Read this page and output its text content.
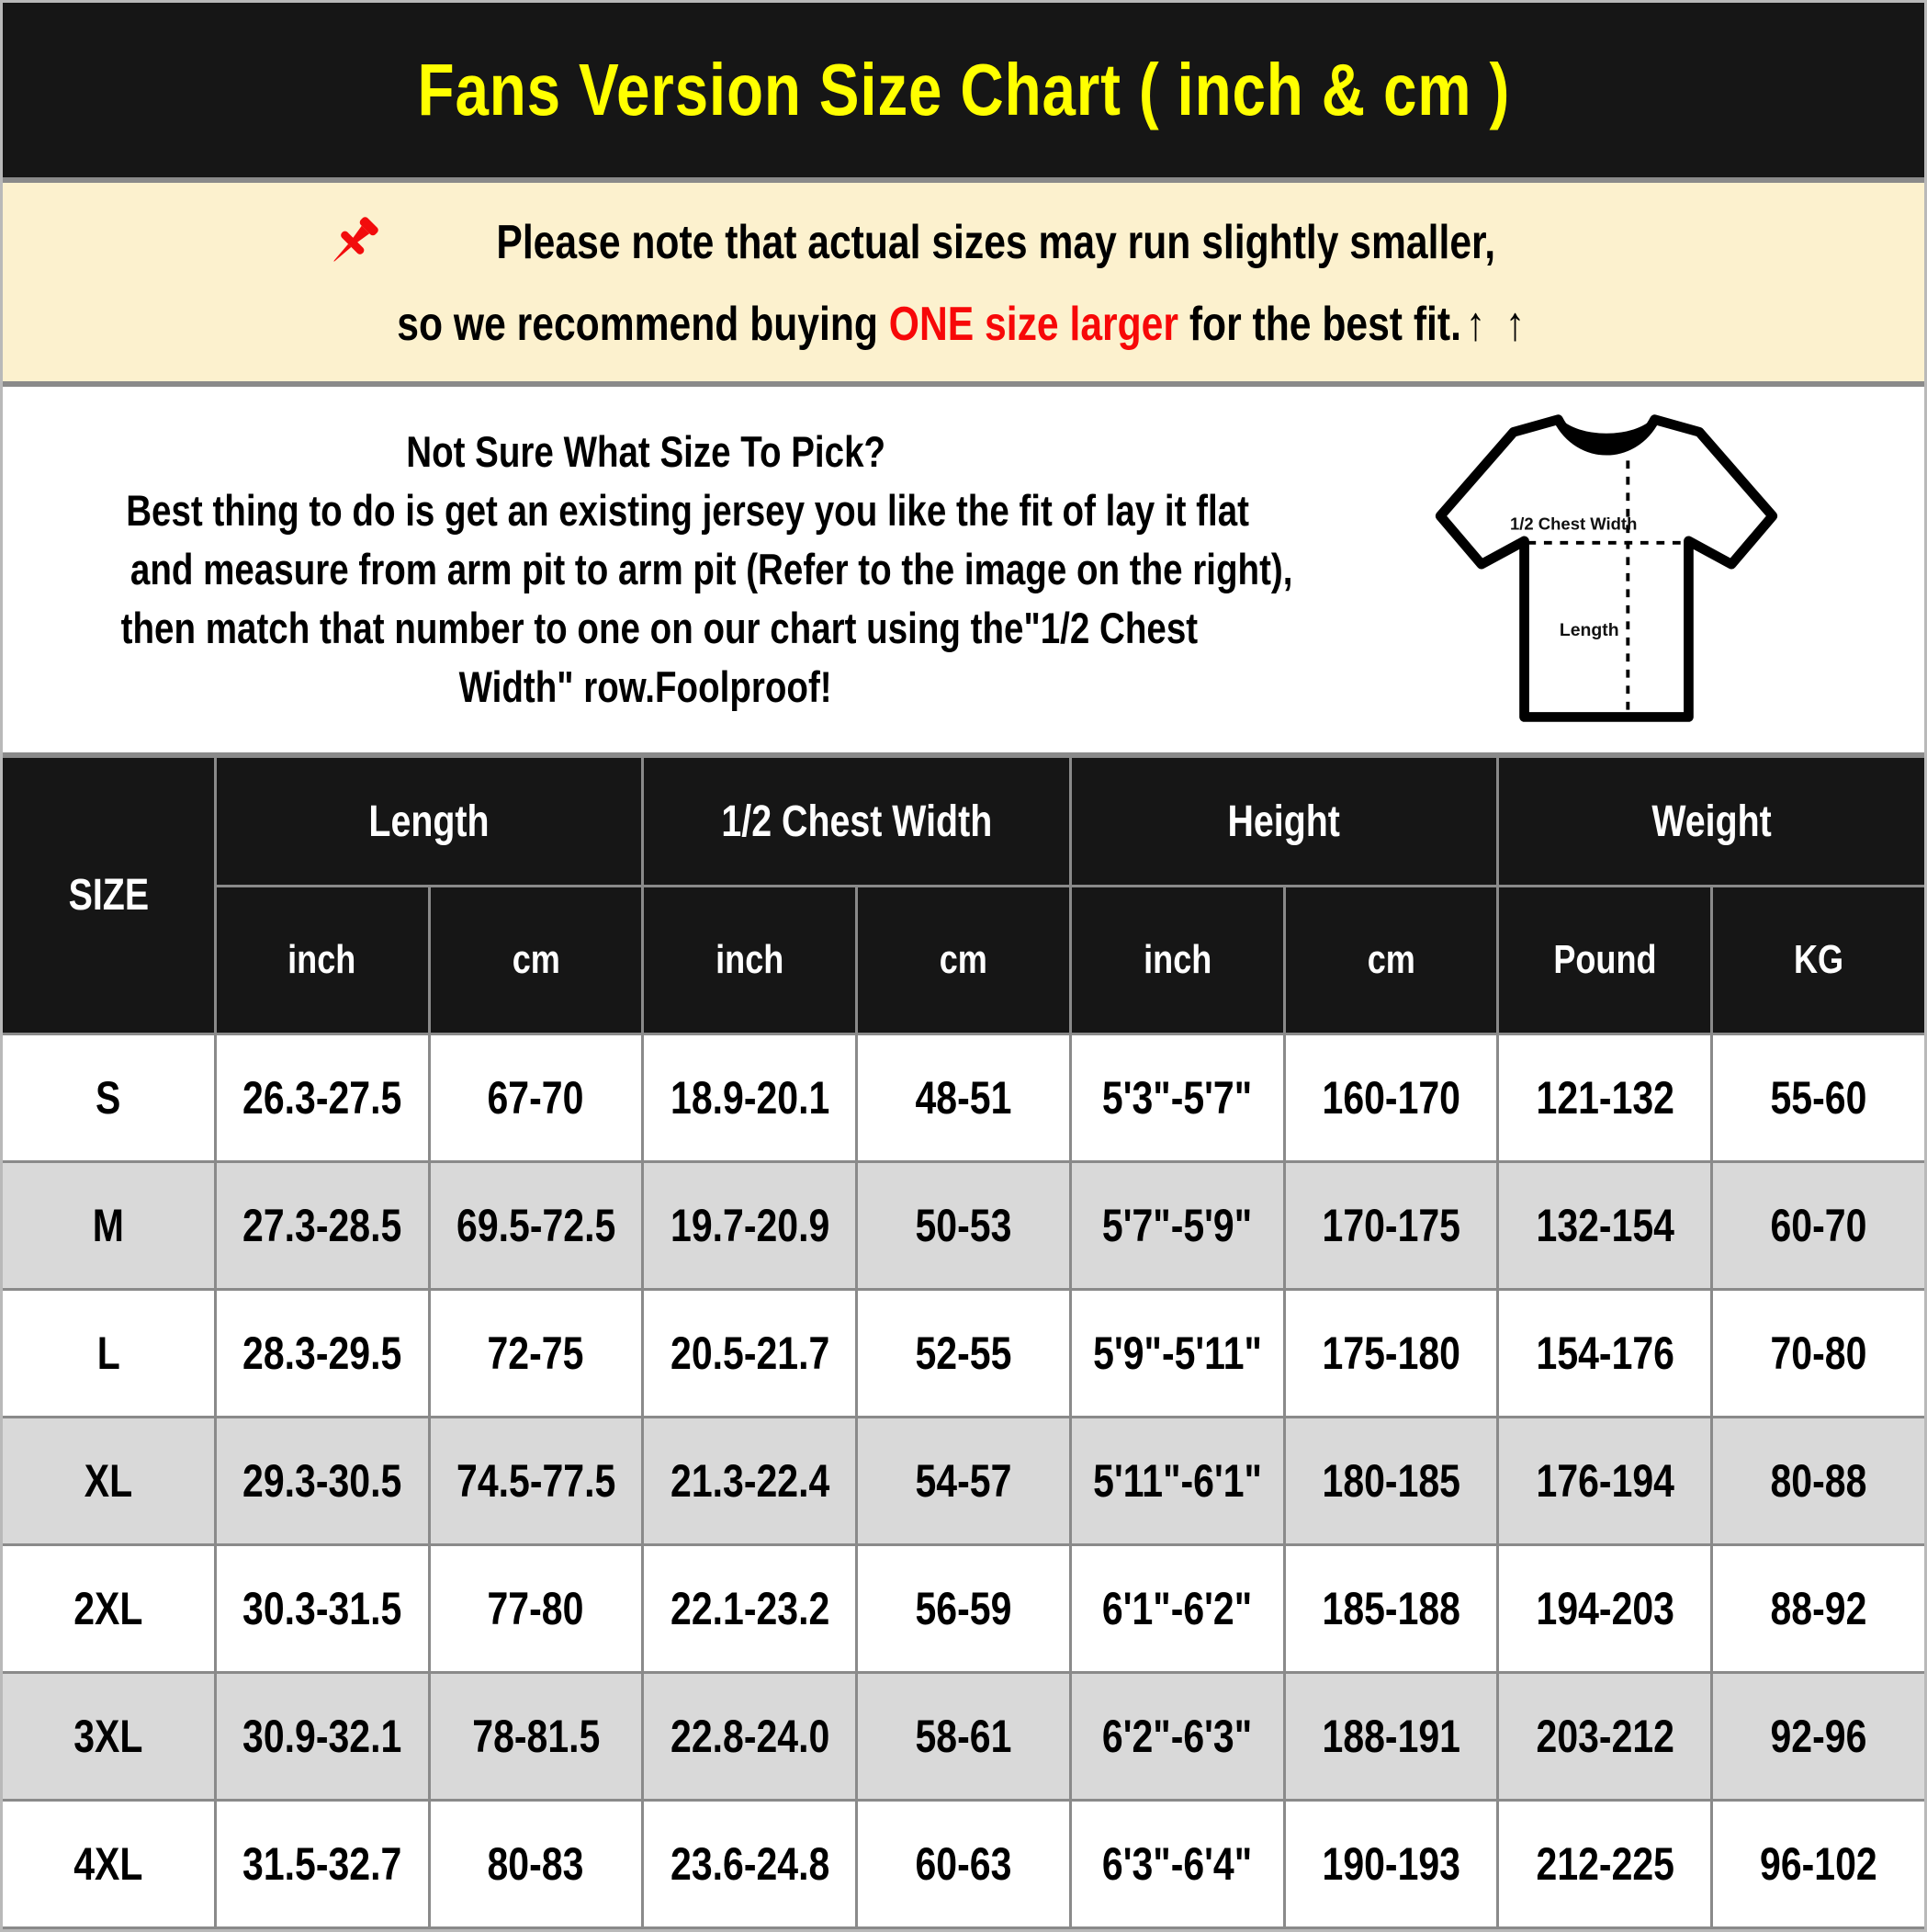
Fans Version Size Chart ( inch & cm )
Please note that actual sizes may run slightly smaller,
so we recommend buying ONE size larger for the best fit.↑ ↑
Not Sure What Size To Pick?
Best thing to do is get an existing jersey you like the fit of lay it flat
and measure from arm pit to arm pit (Refer to the image on the right),
then match that number to one on our chart using the"1/2 Chest
Width" row.Foolproof!
1/2 Chest Width
Length
SIZE
Length	1/2 Chest Width	Height	Weight
inch	cm	inch	cm	inch	cm	Pound	KG
S	26.3-27.5 67-70 18.9-20.1 48-51 5'3"-5'7" 160-170 121-132 55-60
M	27.3-28.5 69.5-72.5 19.7-20.9 50-53 5'7"-5'9" 170-175 132-154 60-70
L	28.3-29.5 72-75 20.5-21.7 52-55 5'9"-5'11" 175-180 154-176 70-80
XL 29.3-30.5 74.5-77.5 21.3-22.4 54-57 5'11"-6'1" 180-185 176-194 80-88
2XL 30.3-31.5 77-80 22.1-23.2 56-59 6'1"-6'2" 185-188 194-203 88-92
3XL 30.9-32.1 78-81.5 22.8-24.0 58-61 6'2"-6'3" 188-191 203-212 92-96
4XL 31.5-32.7 80-83 23.6-24.8 60-63 6'3"-6'4" 190-193 212-225 96-102
